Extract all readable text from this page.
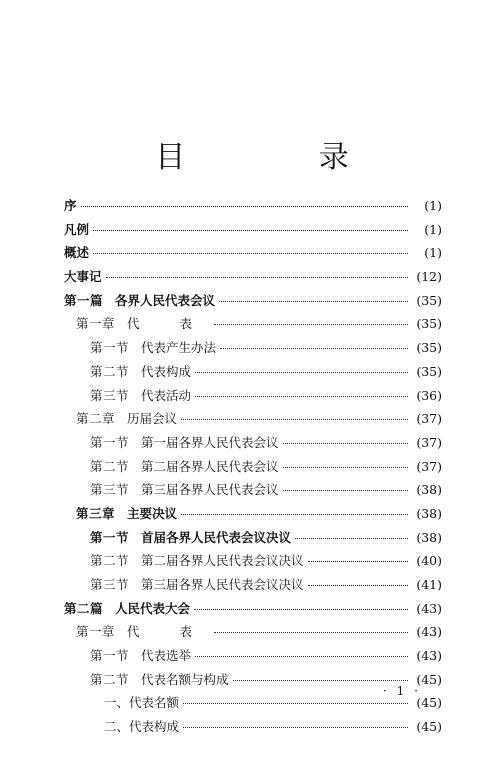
目 录
序	(1)
凡例	(1)
概述	(1)
大事记	(12)
第一篇 各界人民代表会议	(35)
第一章 代 表	(35)
第一节 代表产生办法	(35)
第二节 代表构成	(35)
第三节 代表活动	(36)
第二章 历届会议	(37)
第一节 第一届各界人民代表会议	(37)
第二节 第二届各界人民代表会议	(37)
第三节 第三届各界人民代表会议	(38)
第三章 主要决议	(38)
第一节 首届各界人民代表会议决议	(38)
第二节 第二届各界人民代表会议决议	(40)
第三节 第三届各界人民代表会议决议	(41)
第二篇 人民代表大会	(43)
第一章 代 表	(43)
第一节 代表选举	(43)
第二节 代表名额与构成	(45)
一、代表名额	(45)
二、代表构成	(45)
· 1 ·
